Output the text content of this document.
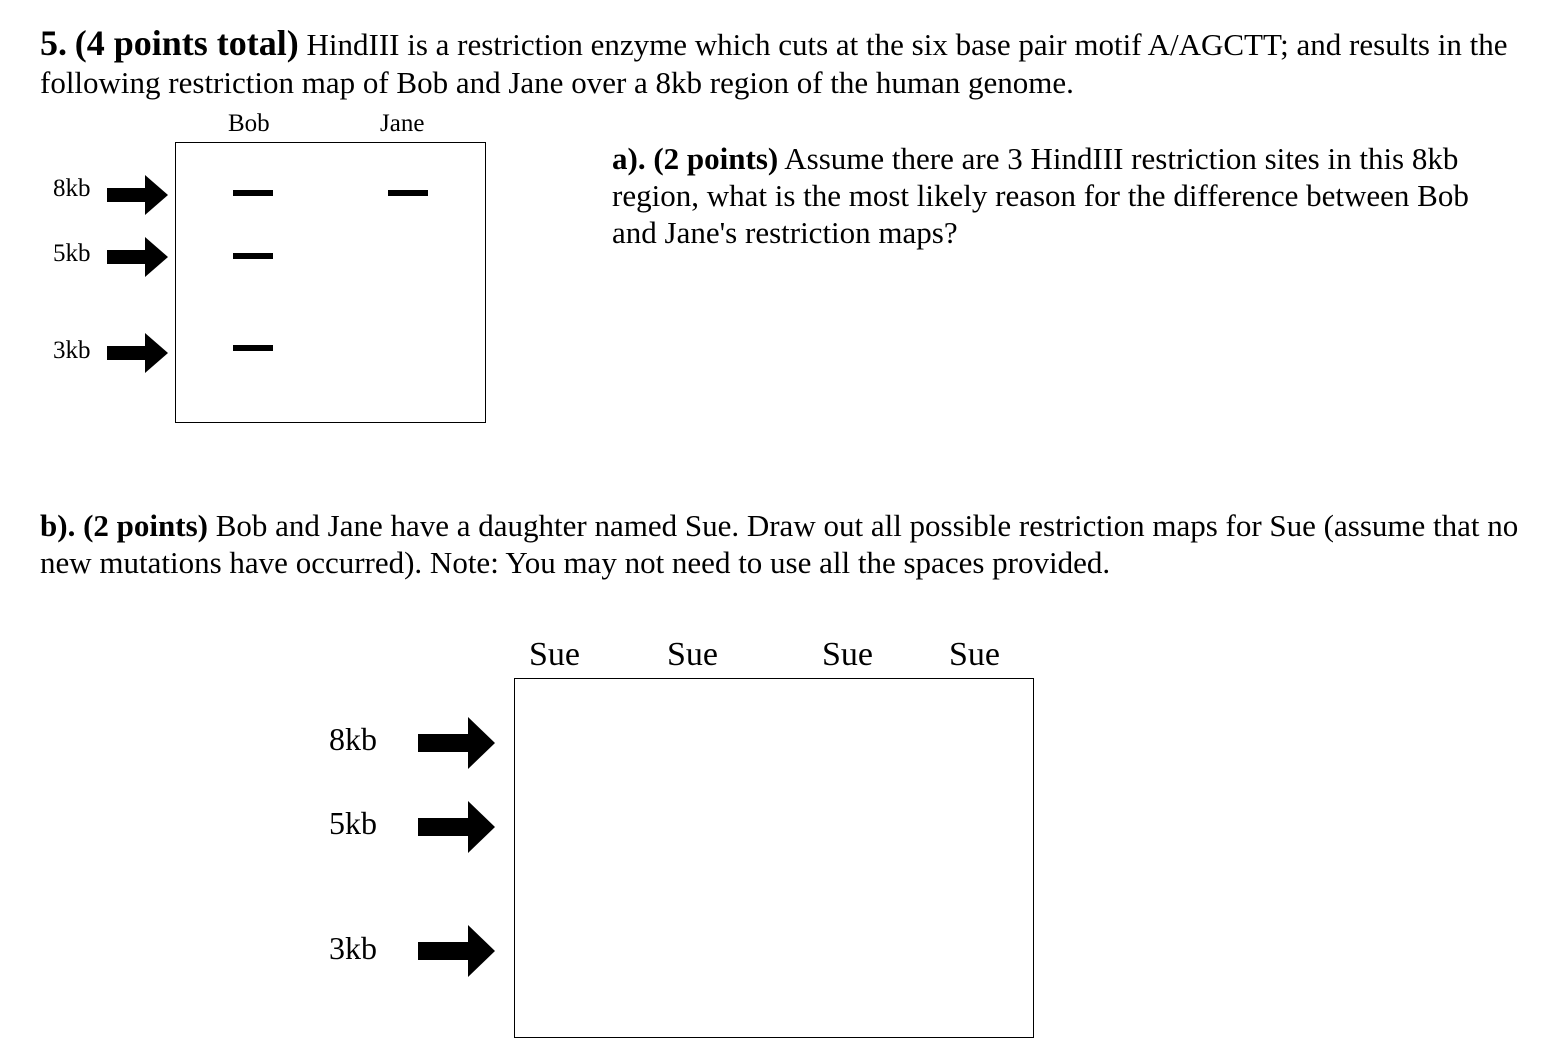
5. (4 points total) HindIII is a restriction enzyme which cuts at the six base pair motif A/AGCTT; and results in the following restriction map of Bob and Jane over a 8kb region of the human genome.

Bob	Jane
8kb
5kb
3kb

a). (2 points) Assume there are 3 HindIII restriction sites in this 8kb region, what is the most likely reason for the difference between Bob and Jane's restriction maps?

b). (2 points) Bob and Jane have a daughter named Sue. Draw out all possible restriction maps for Sue (assume that no new mutations have occurred). Note: You may not need to use all the spaces provided.

Sue	Sue	Sue Sue
8kb
5kb
3kb
